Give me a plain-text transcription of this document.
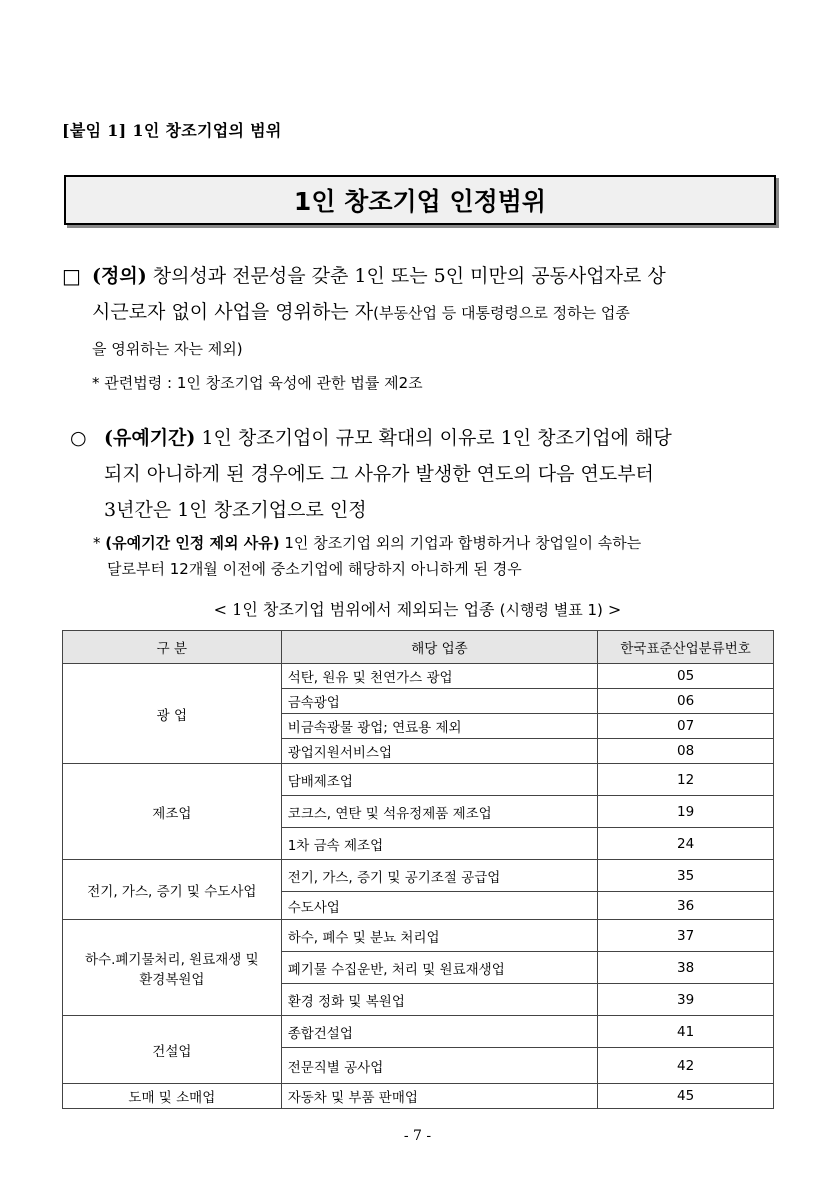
[붙임 1] 1인 창조기업의 범위
1인 창조기업 인정범위
□ (정의) 창의성과 전문성을 갖춘 1인 또는 5인 미만의 공동사업자로 상
시근로자 없이 사업을 영위하는 자(부동산업 등 대통령령으로 정하는 업종
을 영위하는 자는 제외)
* 관련법령 : 1인 창조기업 육성에 관한 법률 제2조
○ (유예기간) 1인 창조기업이 규모 확대의 이유로 1인 창조기업에 해당
되지 아니하게 된 경우에도 그 사유가 발생한 연도의 다음 연도부터
3년간은 1인 창조기업으로 인정
* (유예기간 인정 제외 사유) 1인 창조기업 외의 기업과 합병하거나 창업일이 속하는
달로부터 12개월 이전에 중소기업에 해당하지 아니하게 된 경우
< 1인 창조기업 범위에서 제외되는 업종 (시행령 별표 1) >
구 분	해당 업종	한국표준산업분류번호
광 업	석탄, 원유 및 천연가스 광업	05
	금속광업	06
	비금속광물 광업; 연료용 제외	07
	광업지원서비스업	08
제조업	담배제조업	12
	코크스, 연탄 및 석유정제품 제조업	19
	1차 금속 제조업	24
전기, 가스, 증기 및 수도사업	전기, 가스, 증기 및 공기조절 공급업	35
	수도사업	36
하수.폐기물처리, 원료재생 및
환경복원업	하수, 폐수 및 분뇨 처리업	37
	폐기물 수집운반, 처리 및 원료재생업	38
	환경 정화 및 복원업	39
건설업	종합건설업	41
	전문직별 공사업	42
도매 및 소매업	자동차 및 부품 판매업	45
- 7 -
